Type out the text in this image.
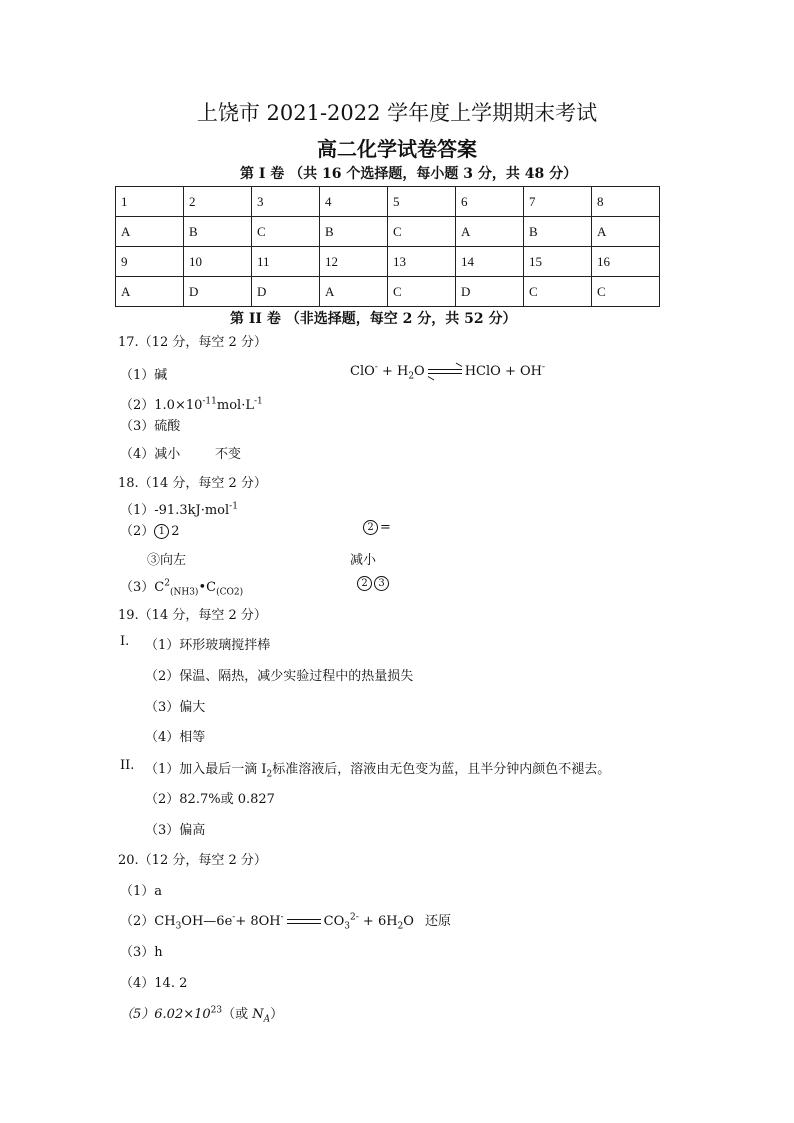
上饶市 2021-2022 学年度上学期期末考试
高二化学试卷答案
第 I 卷 （共 16 个选择题，每小题 3 分，共 48 分）
1	2	3	4	5	6	7	8
A	B	C	B	C	A	B	A
9	10	11	12	13	14	15	16
A	D	D	A	C	D	C	C
第 II 卷 （非选择题，每空 2 分，共 52 分）
17.（12 分，每空 2 分）
（1）碱	$ClO^- + H_2O$	HClO + OH-
$(2)1.0\times 10^{-11}mol\cdot L^{-1}$
（3）硫酸
（4）减小	不变
18.（14 分，每空 2 分）
（1）-91.3kJ·mol$^{-1}$
（2） 1 2	2 =
③向左	减小
$(3)C^2_{(NH3)}•C_{(CO2)}$
2 3
19.（14 分，每空 2 分）
I. （1）环形玻璃搅拌棒
（2）保温、隔热，减少实验过程中的热量损失
（3）偏大
（4）相等
II. （1）加入最后一滴 $I_2$标准溶液后，溶液由无色变为蓝，且半分钟内颜色不褪去。
（2）82.7%或 0.827
（3）偏高
20.（12 分，每空 2 分）
（1）a
$(2)CH_3OH—6e^-+ 8OH^-$	$CO_3^{2-} + 6H_2O$ 还原
（3）h
（4）14. 2
$(5)6.02\times 10^{23}$（或 $N_A$）
